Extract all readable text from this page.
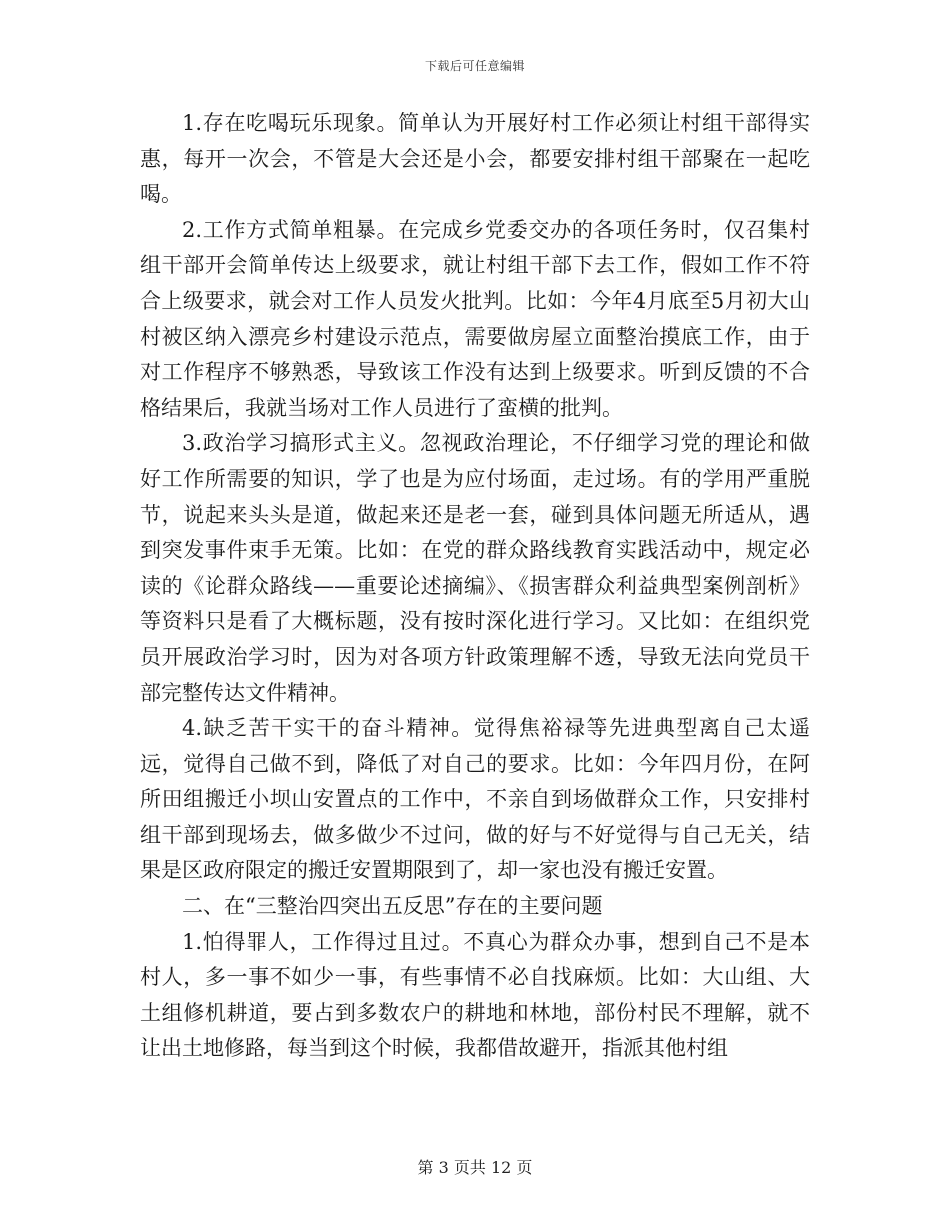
下载后可任意编辑

1.存在吃喝玩乐现象。简单认为开展好村工作必须让村组干部得实惠，每开一次会，不管是大会还是小会，都要安排村组干部聚在一起吃喝。

2.工作方式简单粗暴。在完成乡党委交办的各项任务时，仅召集村组干部开会简单传达上级要求，就让村组干部下去工作，假如工作不符合上级要求，就会对工作人员发火批判。比如：今年4月底至5月初大山村被区纳入漂亮乡村建设示范点，需要做房屋立面整治摸底工作，由于对工作程序不够熟悉，导致该工作没有达到上级要求。听到反馈的不合格结果后，我就当场对工作人员进行了蛮横的批判。

3.政治学习搞形式主义。忽视政治理论，不仔细学习党的理论和做好工作所需要的知识，学了也是为应付场面，走过场。有的学用严重脱节，说起来头头是道，做起来还是老一套，碰到具体问题无所适从，遇到突发事件束手无策。比如：在党的群众路线教育实践活动中，规定必读的《论群众路线——重要论述摘编》、《损害群众利益典型案例剖析》等资料只是看了大概标题，没有按时深化进行学习。又比如：在组织党员开展政治学习时，因为对各项方针政策理解不透，导致无法向党员干部完整传达文件精神。

4.缺乏苦干实干的奋斗精神。觉得焦裕禄等先进典型离自己太遥远，觉得自己做不到，降低了对自己的要求。比如：今年四月份，在阿所田组搬迁小坝山安置点的工作中，不亲自到场做群众工作，只安排村组干部到现场去，做多做少不过问，做的好与不好觉得与自己无关，结果是区政府限定的搬迁安置期限到了，却一家也没有搬迁安置。

二、在“三整治四突出五反思”存在的主要问题

1.怕得罪人，工作得过且过。不真心为群众办事，想到自己不是本村人，多一事不如少一事，有些事情不必自找麻烦。比如：大山组、大土组修机耕道，要占到多数农户的耕地和林地，部份村民不理解，就不让出土地修路，每当到这个时候，我都借故避开，指派其他村组

第 3 页共 12 页
